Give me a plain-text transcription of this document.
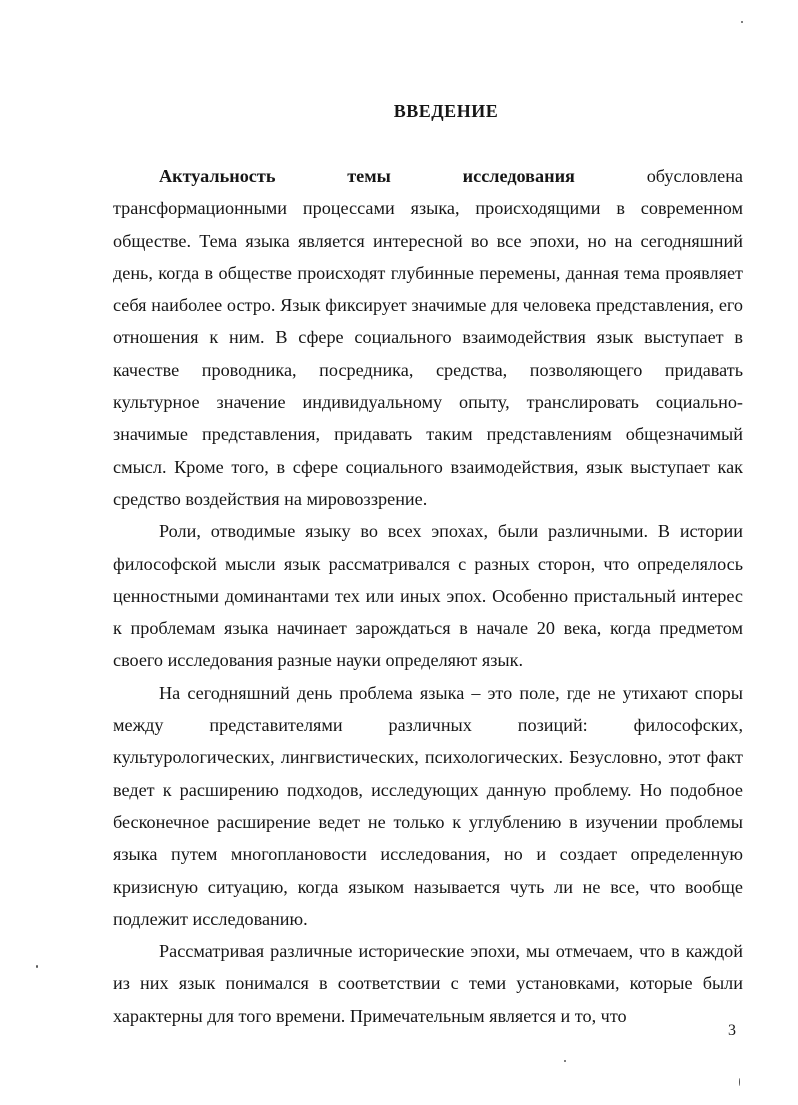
ВВЕДЕНИЕ
Актуальность	темы	исследования	обусловлена

трансформационными процессами языка, происходящими в современном обществе. Тема языка является интересной во все эпохи, но на сегодняшний день, когда в обществе происходят глубинные перемены, данная тема проявляет себя наиболее остро. Язык фиксирует значимые для человека представления, его отношения к ним. В сфере социального взаимодействия язык выступает в качестве проводника, посредника, средства, позволяющего придавать культурное значение индивидуальному опыту, транслировать социально-значимые представления, придавать таким представлениям общезначимый смысл. Кроме того, в сфере социального взаимодействия, язык выступает как средство воздействия на мировоззрение.

Роли, отводимые языку во всех эпохах, были различными. В истории философской мысли язык рассматривался с разных сторон, что определялось ценностными доминантами тех или иных эпох. Особенно пристальный интерес к проблемам языка начинает зарождаться в начале 20 века, когда предметом своего исследования разные науки определяют язык.

На сегодняшний день проблема языка – это поле, где не утихают споры между представителями различных позиций: философских, культурологических, лингвистических, психологических. Безусловно, этот факт ведет к расширению подходов, исследующих данную проблему. Но подобное бесконечное расширение ведет не только к углублению в изучении проблемы языка путем многоплановости исследования, но и создает определенную кризисную ситуацию, когда языком называется чуть ли не все, что вообще подлежит исследованию.

Рассматривая различные исторические эпохи, мы отмечаем, что в каждой из них язык понимался в соответствии с теми установками, которые были характерны для того времени. Примечательным является и то, что

3
